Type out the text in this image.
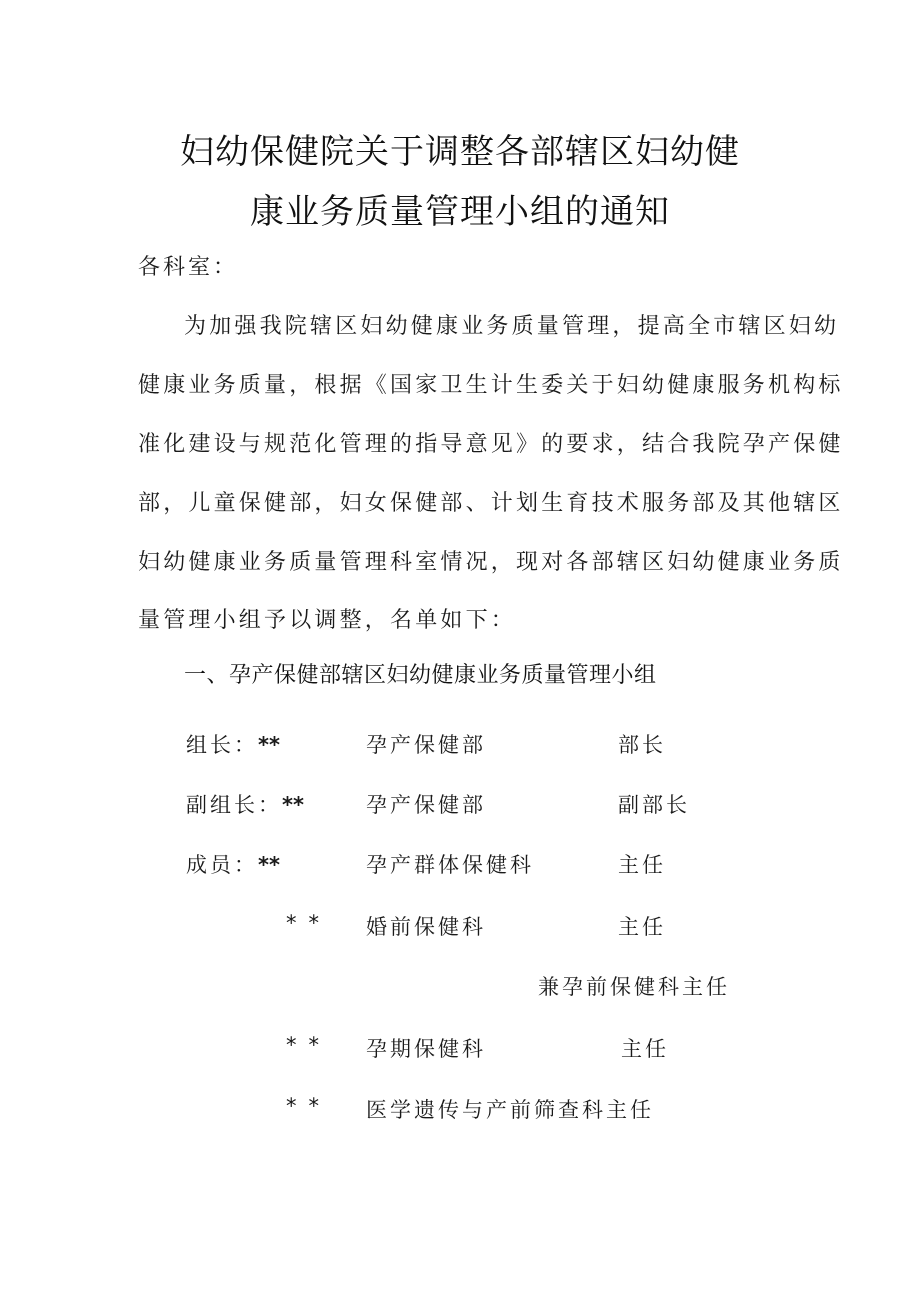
妇幼保健院关于调整各部辖区妇幼健
康业务质量管理小组的通知
各科室：
为加强我院辖区妇幼健康业务质量管理，提高全市辖区妇幼
健康业务质量，根据《国家卫生计生委关于妇幼健康服务机构标
准化建设与规范化管理的指导意见》的要求，结合我院孕产保健
部，儿童保健部，妇女保健部、计划生育技术服务部及其他辖区
妇幼健康业务质量管理科室情况，现对各部辖区妇幼健康业务质
量管理小组予以调整，名单如下：
一、孕产保健部辖区妇幼健康业务质量管理小组
组长：**	孕产保健部	部长
副组长：**	孕产保健部	副部长
成员：**	孕产群体保健科	主任
** 婚前保健科	主任
兼孕前保健科主任
** 孕期保健科	主任
** 医学遗传与产前筛查科主任
